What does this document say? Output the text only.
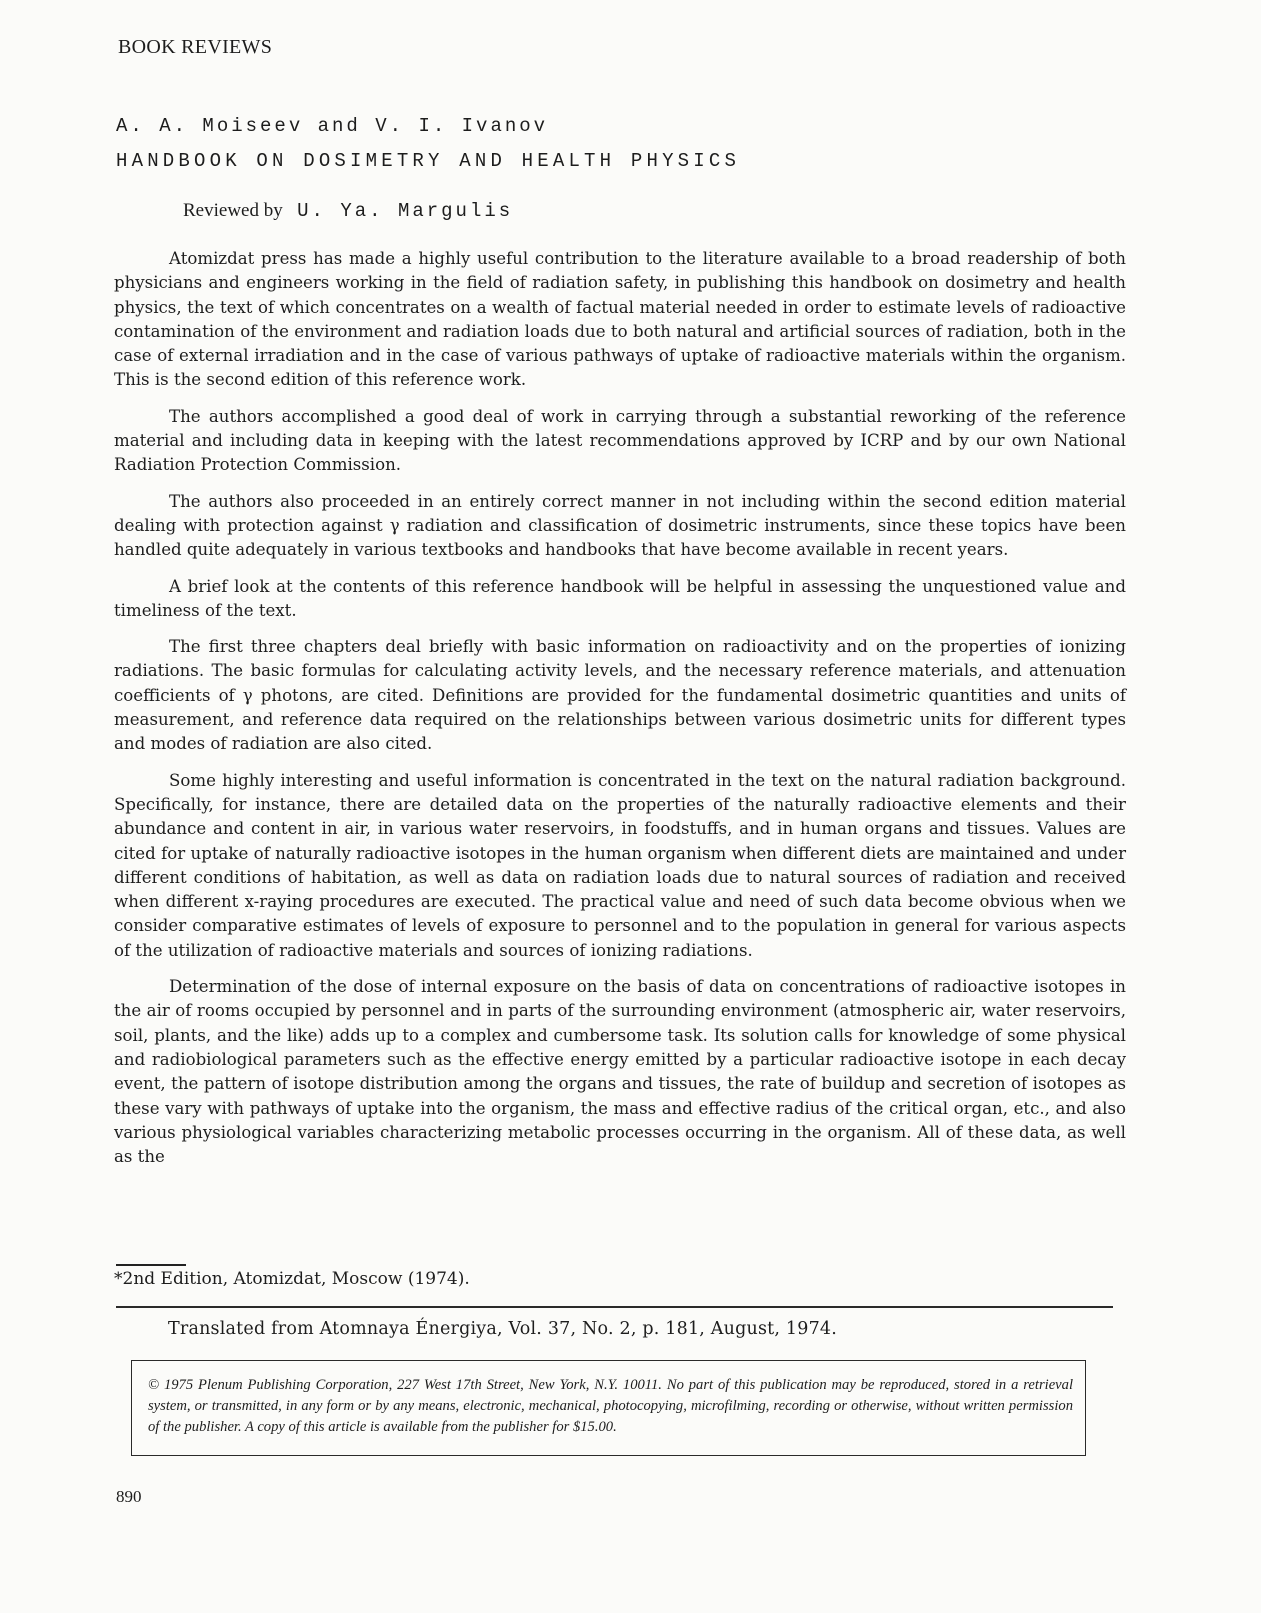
BOOK REVIEWS
A. A. Moiseev and V. I. Ivanov
HANDBOOK ON DOSIMETRY AND HEALTH PHYSICS
Reviewed by U. Ya. Margulis

Atomizdat press has made a highly useful contribution to the literature available to a broad readership of both physicians and engineers working in the field of radiation safety, in publishing this handbook on dosimetry and health physics, the text of which concentrates on a wealth of factual material needed in order to estimate levels of radioactive contamination of the environment and radiation loads due to both natural and artificial sources of radiation, both in the case of external irradiation and in the case of various pathways of uptake of radioactive materials within the organism. This is the second edition of this reference work.

The authors accomplished a good deal of work in carrying through a substantial reworking of the reference material and including data in keeping with the latest recommendations approved by ICRP and by our own National Radiation Protection Commission.

The authors also proceeded in an entirely correct manner in not including within the second edition material dealing with protection against γ radiation and classification of dosimetric instruments, since these topics have been handled quite adequately in various textbooks and handbooks that have become available in recent years.

A brief look at the contents of this reference handbook will be helpful in assessing the unquestioned value and timeliness of the text.

The first three chapters deal briefly with basic information on radioactivity and on the properties of ionizing radiations. The basic formulas for calculating activity levels, and the necessary reference materials, and attenuation coefficients of γ photons, are cited. Definitions are provided for the fundamental dosimetric quantities and units of measurement, and reference data required on the relationships between various dosimetric units for different types and modes of radiation are also cited.

Some highly interesting and useful information is concentrated in the text on the natural radiation background. Specifically, for instance, there are detailed data on the properties of the naturally radioactive elements and their abundance and content in air, in various water reservoirs, in foodstuffs, and in human organs and tissues. Values are cited for uptake of naturally radioactive isotopes in the human organism when different diets are maintained and under different conditions of habitation, as well as data on radiation loads due to natural sources of radiation and received when different x-raying procedures are executed. The practical value and need of such data become obvious when we consider comparative estimates of levels of exposure to personnel and to the population in general for various aspects of the utilization of radioactive materials and sources of ionizing radiations.

Determination of the dose of internal exposure on the basis of data on concentrations of radioactive isotopes in the air of rooms occupied by personnel and in parts of the surrounding environment (atmospheric air, water reservoirs, soil, plants, and the like) adds up to a complex and cumbersome task. Its solution calls for knowledge of some physical and radiobiological parameters such as the effective energy emitted by a particular radioactive isotope in each decay event, the pattern of isotope distribution among the organs and tissues, the rate of buildup and secretion of isotopes as these vary with pathways of uptake into the organism, the mass and effective radius of the critical organ, etc., and also various physiological variables characterizing metabolic processes occurring in the organism. All of these data, as well as the

*2nd Edition, Atomizdat, Moscow (1974).
Translated from Atomnaya Énergiya, Vol. 37, No. 2, p. 181, August, 1974.
© 1975 Plenum Publishing Corporation, 227 West 17th Street, New York, N.Y. 10011. No part of this publication may be reproduced, stored in a retrieval system, or transmitted, in any form or by any means, electronic, mechanical, photocopying, microfilming, recording or otherwise, without written permission of the publisher. A copy of this article is available from the publisher for $15.00.
890
